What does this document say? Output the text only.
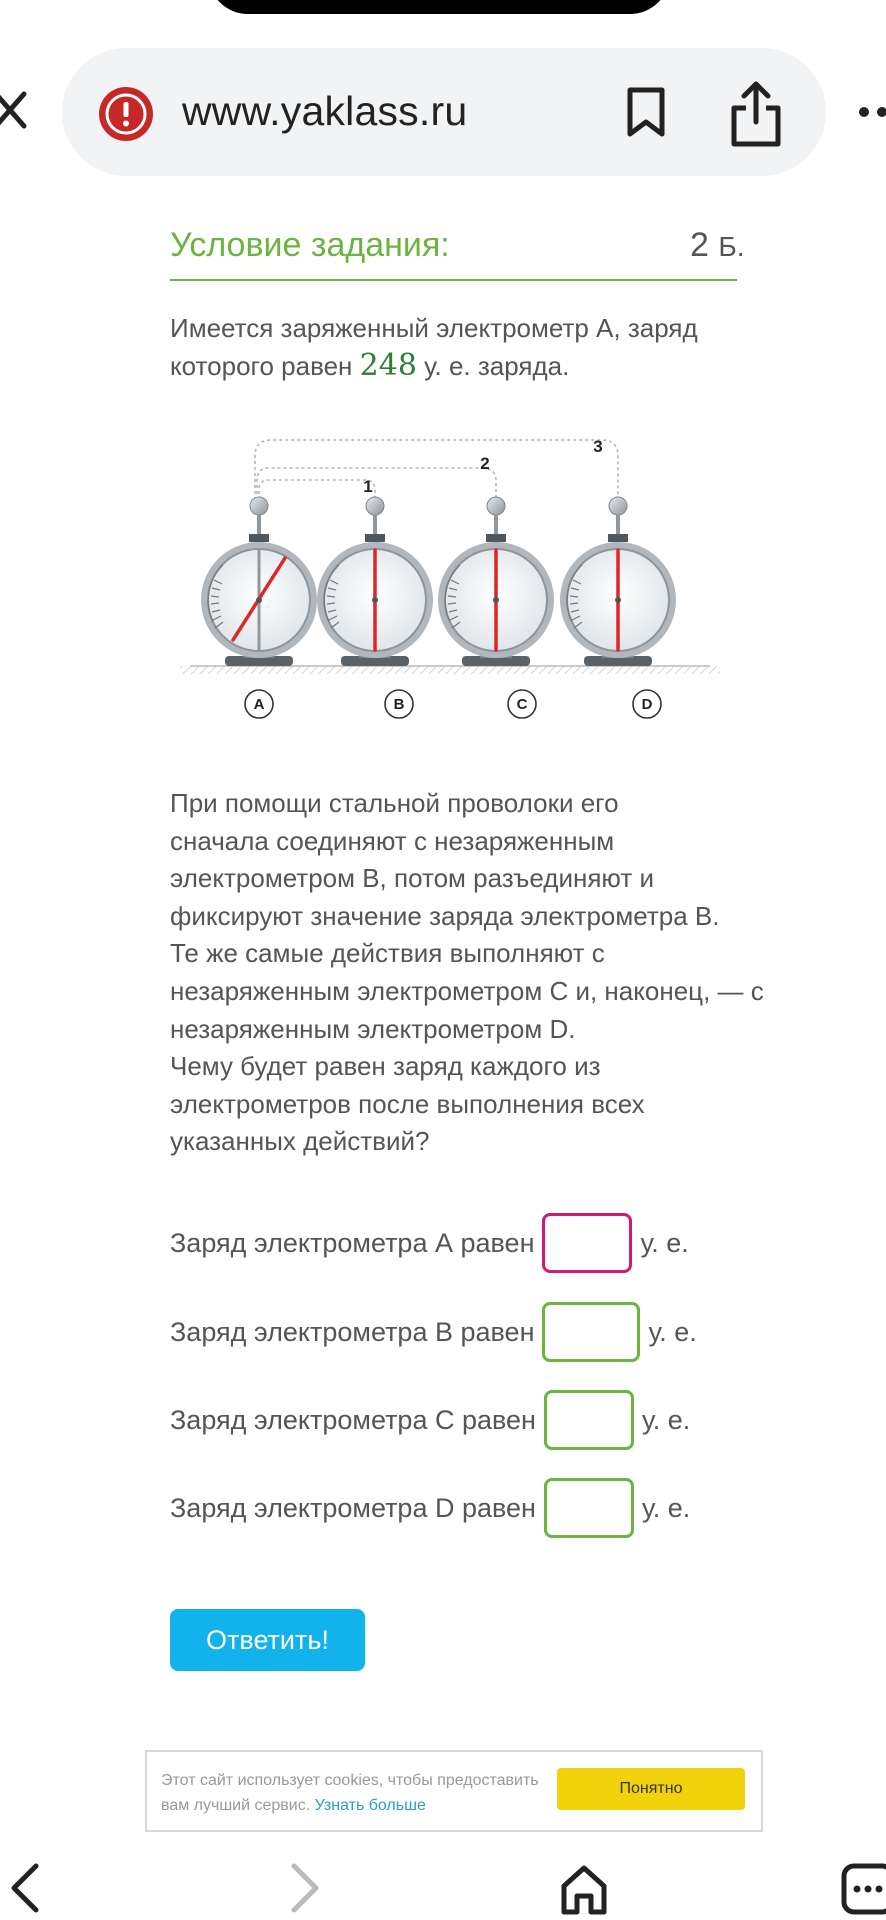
www.yaklass.ru
Условие задания:	2 Б.
Имеется заряженный электрометр А, заряд которого равен 248 у. е. заряда.
1
2
3
A	B	C	D
При помощи стальной проволоки его
сначала соединяют с незаряженным
электрометром В, потом разъединяют и
фиксируют значение заряда электрометра В.
Те же самые действия выполняют с
незаряженным электрометром С и, наконец, — с
незаряженным электрометром D.
Чему будет равен заряд каждого из
электрометров после выполнения всех
указанных действий?
Заряд электрометра А равен	у. е.
Заряд электрометра В равен	у. е.
Заряд электрометра С равен	у. е.
Заряд электрометра D равен	у. е.
Ответить!
Этот сайт использует cookies, чтобы предоставить вам лучший сервис. Узнать больше
Понятно
